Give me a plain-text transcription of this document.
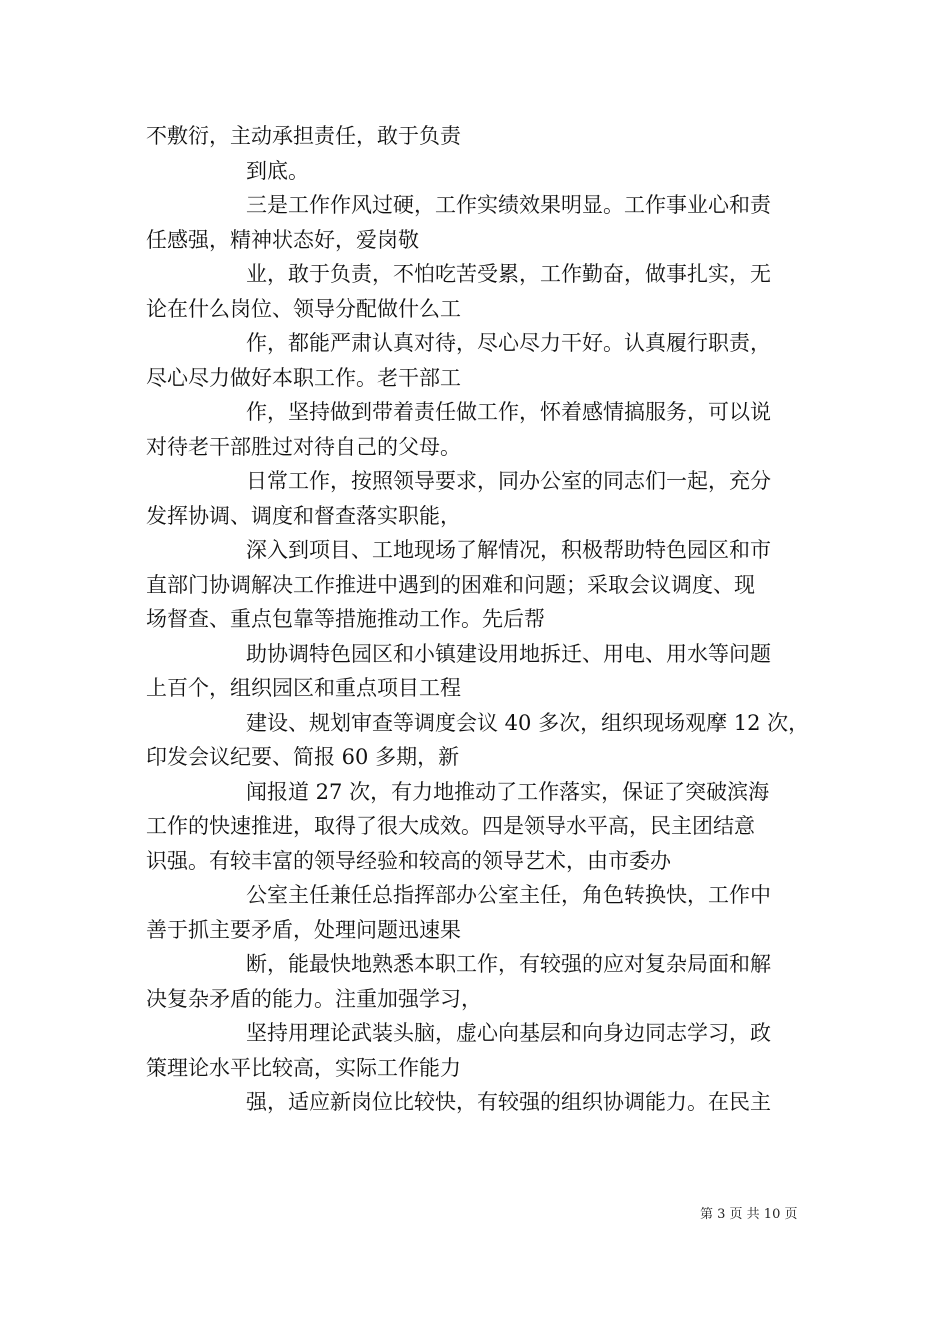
不敷衍，主动承担责任，敢于负责

到底。

三是工作作风过硬，工作实绩效果明显。工作事业心和责

任感强，精神状态好，爱岗敬

业，敢于负责，不怕吃苦受累，工作勤奋，做事扎实，无

论在什么岗位、领导分配做什么工

作，都能严肃认真对待，尽心尽力干好。认真履行职责，

尽心尽力做好本职工作。老干部工

作，坚持做到带着责任做工作，怀着感情搞服务，可以说

对待老干部胜过对待自己的父母。

日常工作，按照领导要求，同办公室的同志们一起，充分

发挥协调、调度和督查落实职能，

深入到项目、工地现场了解情况，积极帮助特色园区和市

直部门协调解决工作推进中遇到的困难和问题；采取会议调度、现

场督查、重点包靠等措施推动工作。先后帮

助协调特色园区和小镇建设用地拆迁、用电、用水等问题

上百个，组织园区和重点项目工程

建设、规划审查等调度会议 40 多次，组织现场观摩 12 次，

印发会议纪要、简报 60 多期，新

闻报道 27 次，有力地推动了工作落实，保证了突破滨海

工作的快速推进，取得了很大成效。四是领导水平高，民主团结意

识强。有较丰富的领导经验和较高的领导艺术，由市委办

公室主任兼任总指挥部办公室主任，角色转换快，工作中

善于抓主要矛盾，处理问题迅速果

断，能最快地熟悉本职工作，有较强的应对复杂局面和解

决复杂矛盾的能力。注重加强学习，

坚持用理论武装头脑，虚心向基层和向身边同志学习，政

策理论水平比较高，实际工作能力

强，适应新岗位比较快，有较强的组织协调能力。在民主

第 3 页 共 10 页
